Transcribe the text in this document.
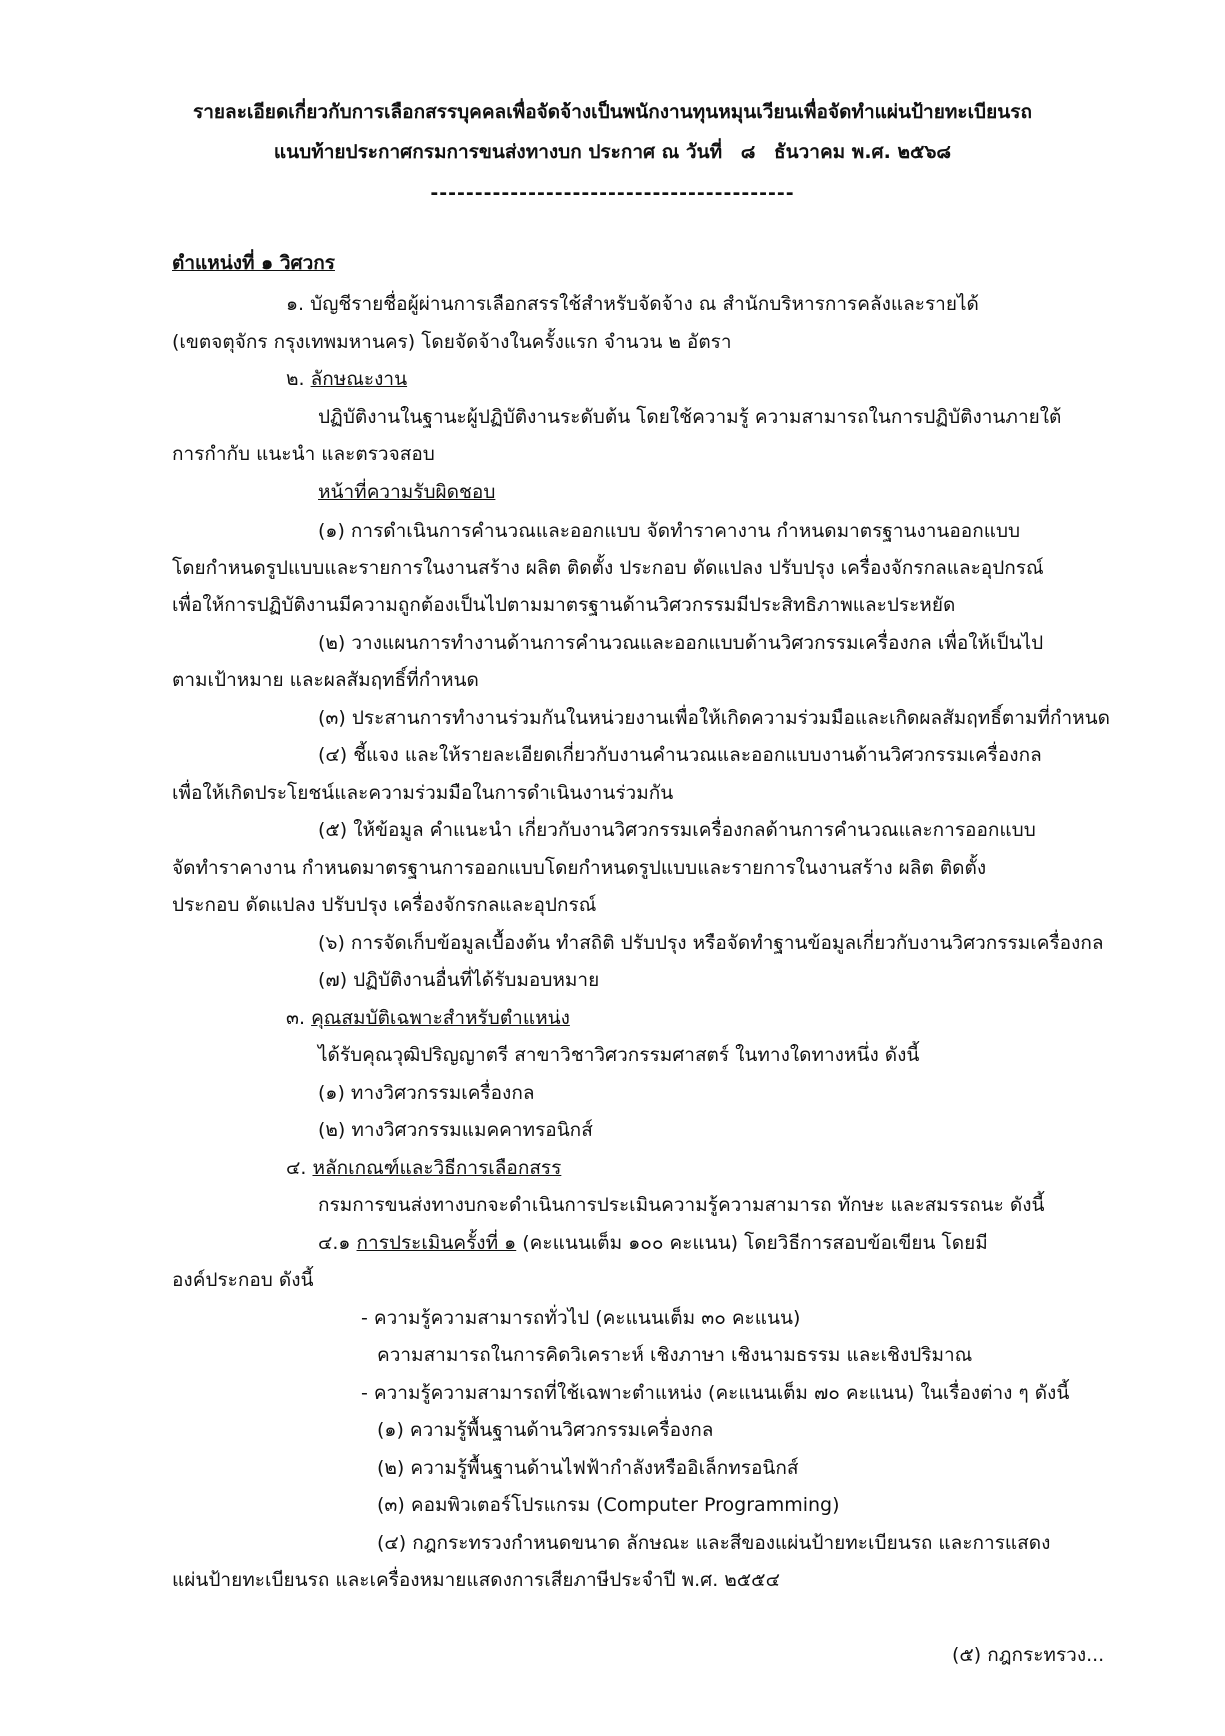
รายละเอียดเกี่ยวกับการเลือกสรรบุคคลเพื่อจัดจ้างเป็นพนักงานทุนหมุนเวียนเพื่อจัดทำแผ่นป้ายทะเบียนรถ
แนบท้ายประกาศกรมการขนส่งทางบก ประกาศ ณ วันที่ ๘ ธันวาคม พ.ศ. ๒๕๖๘
-----------------------------------------
ตำแหน่งที่ ๑ วิศวกร
๑. บัญชีรายชื่อผู้ผ่านการเลือกสรรใช้สำหรับจัดจ้าง ณ สำนักบริหารการคลังและรายได้
(เขตจตุจักร กรุงเทพมหานคร) โดยจัดจ้างในครั้งแรก จำนวน ๒ อัตรา
๒. ลักษณะงาน
ปฏิบัติงานในฐานะผู้ปฏิบัติงานระดับต้น โดยใช้ความรู้ ความสามารถในการปฏิบัติงานภายใต้
การกำกับ แนะนำ และตรวจสอบ
หน้าที่ความรับผิดชอบ
(๑) การดำเนินการคำนวณและออกแบบ จัดทำราคางาน กำหนดมาตรฐานงานออกแบบ
โดยกำหนดรูปแบบและรายการในงานสร้าง ผลิต ติดตั้ง ประกอบ ดัดแปลง ปรับปรุง เครื่องจักรกลและอุปกรณ์
เพื่อให้การปฏิบัติงานมีความถูกต้องเป็นไปตามมาตรฐานด้านวิศวกรรมมีประสิทธิภาพและประหยัด
(๒) วางแผนการทำงานด้านการคำนวณและออกแบบด้านวิศวกรรมเครื่องกล เพื่อให้เป็นไป
ตามเป้าหมาย และผลสัมฤทธิ์ที่กำหนด
(๓) ประสานการทำงานร่วมกันในหน่วยงานเพื่อให้เกิดความร่วมมือและเกิดผลสัมฤทธิ์ตามที่กำหนด
(๔) ชี้แจง และให้รายละเอียดเกี่ยวกับงานคำนวณและออกแบบงานด้านวิศวกรรมเครื่องกล
เพื่อให้เกิดประโยชน์และความร่วมมือในการดำเนินงานร่วมกัน
(๕) ให้ข้อมูล คำแนะนำ เกี่ยวกับงานวิศวกรรมเครื่องกลด้านการคำนวณและการออกแบบ
จัดทำราคางาน กำหนดมาตรฐานการออกแบบโดยกำหนดรูปแบบและรายการในงานสร้าง ผลิต ติดตั้ง
ประกอบ ดัดแปลง ปรับปรุง เครื่องจักรกลและอุปกรณ์
(๖) การจัดเก็บข้อมูลเบื้องต้น ทำสถิติ ปรับปรุง หรือจัดทำฐานข้อมูลเกี่ยวกับงานวิศวกรรมเครื่องกล
(๗) ปฏิบัติงานอื่นที่ได้รับมอบหมาย
๓. คุณสมบัติเฉพาะสำหรับตำแหน่ง
ได้รับคุณวุฒิปริญญาตรี สาขาวิชาวิศวกรรมศาสตร์ ในทางใดทางหนึ่ง ดังนี้
(๑) ทางวิศวกรรมเครื่องกล
(๒) ทางวิศวกรรมแมคคาทรอนิกส์
๔. หลักเกณฑ์และวิธีการเลือกสรร
กรมการขนส่งทางบกจะดำเนินการประเมินความรู้ความสามารถ ทักษะ และสมรรถนะ ดังนี้
๔.๑ การประเมินครั้งที่ ๑ (คะแนนเต็ม ๑๐๐ คะแนน) โดยวิธีการสอบข้อเขียน โดยมี
องค์ประกอบ ดังนี้
- ความรู้ความสามารถทั่วไป (คะแนนเต็ม ๓๐ คะแนน)
ความสามารถในการคิดวิเคราะห์ เชิงภาษา เชิงนามธรรม และเชิงปริมาณ
- ความรู้ความสามารถที่ใช้เฉพาะตำแหน่ง (คะแนนเต็ม ๗๐ คะแนน) ในเรื่องต่าง ๆ ดังนี้
(๑) ความรู้พื้นฐานด้านวิศวกรรมเครื่องกล
(๒) ความรู้พื้นฐานด้านไฟฟ้ากำลังหรืออิเล็กทรอนิกส์
(๓) คอมพิวเตอร์โปรแกรม (Computer Programming)
(๔) กฎกระทรวงกำหนดขนาด ลักษณะ และสีของแผ่นป้ายทะเบียนรถ และการแสดง
แผ่นป้ายทะเบียนรถ และเครื่องหมายแสดงการเสียภาษีประจำปี พ.ศ. ๒๕๕๔
(๕) กฎกระทรวง...
